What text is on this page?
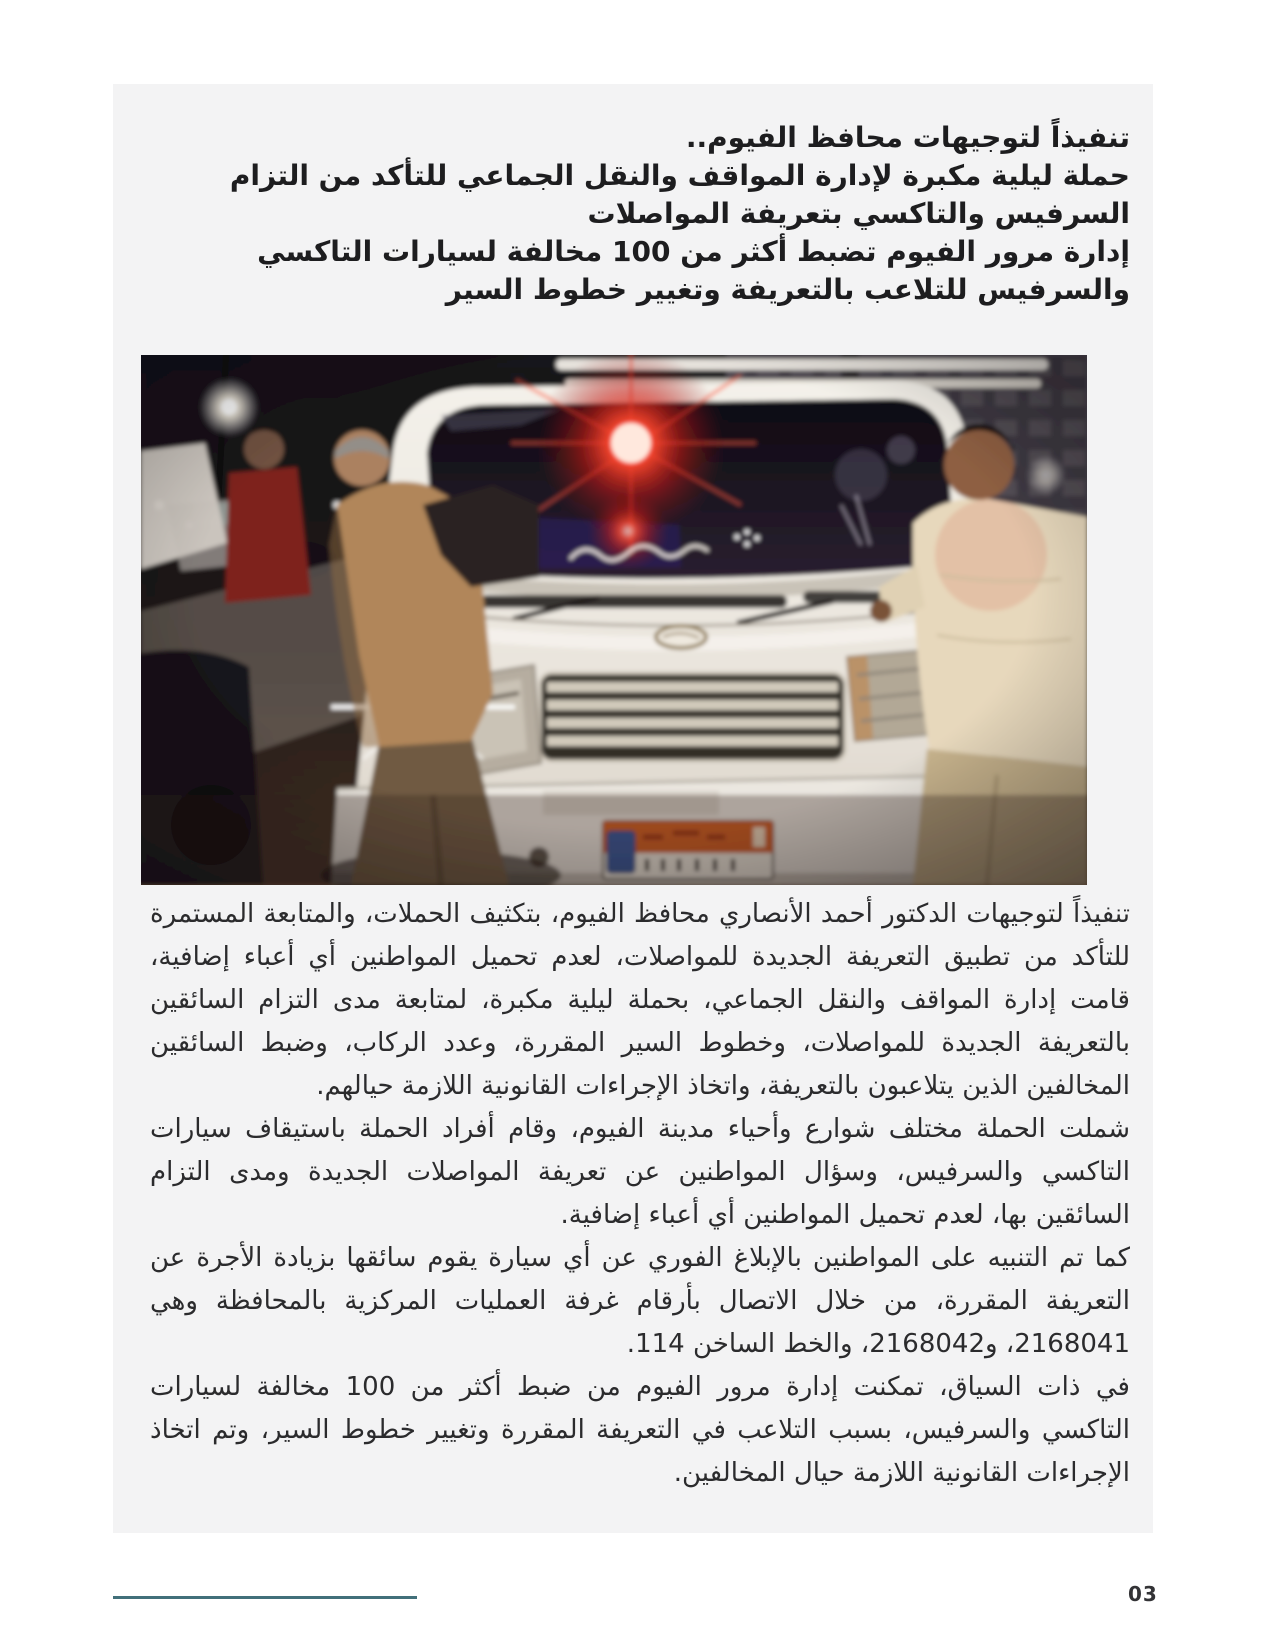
تنفيذاً لتوجيهات محافظ الفيوم..
حملة ليلية مكبرة لإدارة المواقف والنقل الجماعي للتأكد من التزام
السرفيس والتاكسي بتعريفة المواصلات
إدارة مرور الفيوم تضبط أكثر من 100 مخالفة لسيارات التاكسي
والسرفيس للتلاعب بالتعريفة وتغيير خطوط السير

تنفيذاً لتوجيهات الدكتور أحمد الأنصاري محافظ الفيوم، بتكثيف الحملات، والمتابعة المستمرة للتأكد من تطبيق التعريفة الجديدة للمواصلات، لعدم تحميل المواطنين أي أعباء إضافية، قامت إدارة المواقف والنقل الجماعي، بحملة ليلية مكبرة، لمتابعة مدى التزام السائقين بالتعريفة الجديدة للمواصلات، وخطوط السير المقررة، وعدد الركاب، وضبط السائقين المخالفين الذين يتلاعبون بالتعريفة، واتخاذ الإجراءات القانونية اللازمة حيالهم.

شملت الحملة مختلف شوارع وأحياء مدينة الفيوم، وقام أفراد الحملة باستيقاف سيارات التاكسي والسرفيس، وسؤال المواطنين عن تعريفة المواصلات الجديدة ومدى التزام السائقين بها، لعدم تحميل المواطنين أي أعباء إضافية.

كما تم التنبيه على المواطنين بالإبلاغ الفوري عن أي سيارة يقوم سائقها بزيادة الأجرة عن التعريفة المقررة، من خلال الاتصال بأرقام غرفة العمليات المركزية بالمحافظة وهي 2168041، و2168042، والخط الساخن 114.

في ذات السياق، تمكنت إدارة مرور الفيوم من ضبط أكثر من 100 مخالفة لسيارات التاكسي والسرفيس، بسبب التلاعب في التعريفة المقررة وتغيير خطوط السير، وتم اتخاذ الإجراءات القانونية اللازمة حيال المخالفين.

03
